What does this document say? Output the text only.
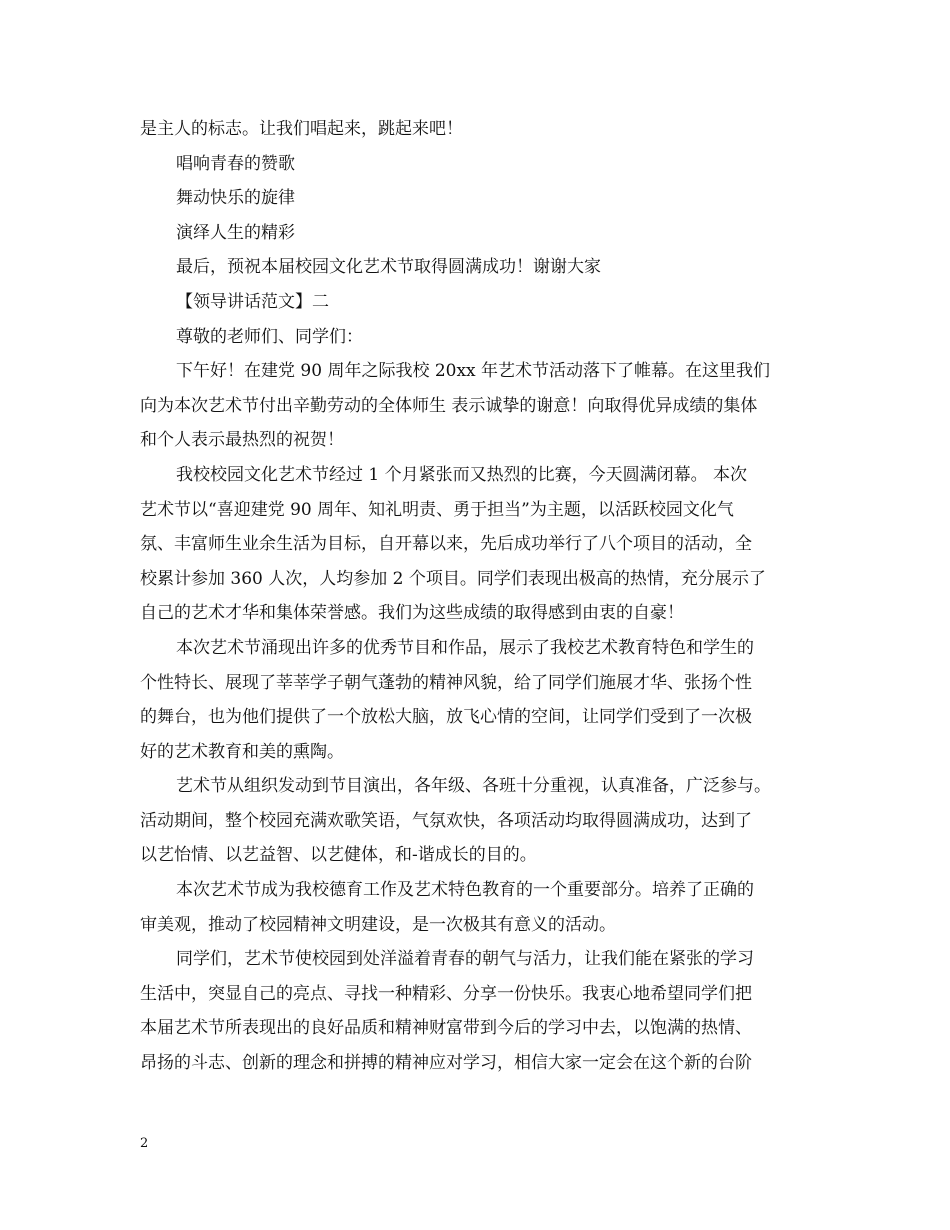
是主人的标志。让我们唱起来，跳起来吧！
唱响青春的赞歌
舞动快乐的旋律
演绎人生的精彩
最后，预祝本届校园文化艺术节取得圆满成功！谢谢大家
【领导讲话范文】二
尊敬的老师们、同学们：
下午好！在建党 90 周年之际我校 20xx 年艺术节活动落下了帷幕。在这里我们
向为本次艺术节付出辛勤劳动的全体师生 表示诚挚的谢意！向取得优异成绩的集体
和个人表示最热烈的祝贺！
我校校园文化艺术节经过 1 个月紧张而又热烈的比赛，今天圆满闭幕。 本次
艺术节以“喜迎建党 90 周年、知礼明责、勇于担当”为主题，以活跃校园文化气
氛、丰富师生业余生活为目标，自开幕以来，先后成功举行了八个项目的活动，全
校累计参加 360 人次，人均参加 2 个项目。同学们表现出极高的热情，充分展示了
自己的艺术才华和集体荣誉感。我们为这些成绩的取得感到由衷的自豪！
本次艺术节涌现出许多的优秀节目和作品，展示了我校艺术教育特色和学生的
个性特长、展现了莘莘学子朝气蓬勃的精神风貌，给了同学们施展才华、张扬个性
的舞台，也为他们提供了一个放松大脑，放飞心情的空间，让同学们受到了一次极
好的艺术教育和美的熏陶。
艺术节从组织发动到节目演出，各年级、各班十分重视，认真准备，广泛参与。
活动期间，整个校园充满欢歌笑语，气氛欢快，各项活动均取得圆满成功，达到了
以艺怡情、以艺益智、以艺健体，和-谐成长的目的。
本次艺术节成为我校德育工作及艺术特色教育的一个重要部分。培养了正确的
审美观，推动了校园精神文明建设，是一次极其有意义的活动。
同学们，艺术节使校园到处洋溢着青春的朝气与活力，让我们能在紧张的学习
生活中，突显自己的亮点、寻找一种精彩、分享一份快乐。我衷心地希望同学们把
本届艺术节所表现出的良好品质和精神财富带到今后的学习中去，以饱满的热情、
昂扬的斗志、创新的理念和拼搏的精神应对学习，相信大家一定会在这个新的台阶
2
